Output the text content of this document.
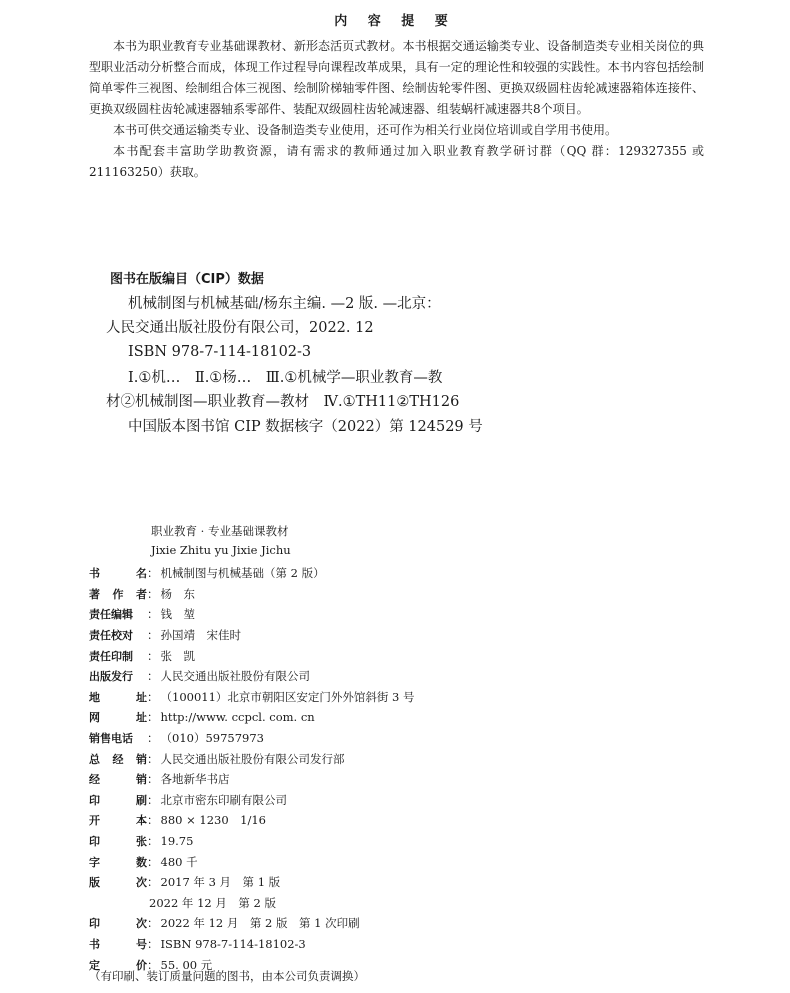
内 容 提 要

本书为职业教育专业基础课教材、新形态活页式教材。本书根据交通运输类专业、设备制造类专业相关岗位的典型职业活动分析整合而成，体现工作过程导向课程改革成果，具有一定的理论性和较强的实践性。本书内容包括绘制简单零件三视图、绘制组合体三视图、绘制阶梯轴零件图、绘制齿轮零件图、更换双级圆柱齿轮减速器箱体连接件、更换双级圆柱齿轮减速器轴系零部件、装配双级圆柱齿轮减速器、组装蜗杆减速器共8个项目。

本书可供交通运输类专业、设备制造类专业使用，还可作为相关行业岗位培训或自学用书使用。

本书配套丰富助学助教资源，请有需求的教师通过加入职业教育教学研讨群（QQ 群：129327355 或 211163250）获取。

图书在版编目（CIP）数据
机械制图与机械基础/杨东主编. —2 版. —北京：
人民交通出版社股份有限公司，2022. 12
ISBN 978-7-114-18102-3
Ⅰ.①机…　Ⅱ.①杨…　Ⅲ.①机械学—职业教育—教
材②机械制图—职业教育—教材　Ⅳ.①TH11②TH126
中国版本图书馆 CIP 数据核字（2022）第 124529 号
职业教育 · 专业基础课教材
Jixie Zhitu yu Jixie Jichu
书	名 ： 机械制图与机械基础（第 2 版）
著 作 者 ： 杨　东
责任编辑 ： 钱　堃
责任校对 ： 孙国靖　宋佳时
责任印制 ： 张　凯
出版发行 ： 人民交通出版社股份有限公司
地	址 ： （100011）北京市朝阳区安定门外外馆斜街 3 号
网	址 ： http://www. ccpcl. com. cn
销售电话 ： （010）59757973
总 经 销 ： 人民交通出版社股份有限公司发行部
经	销 ： 各地新华书店
印	刷 ： 北京市密东印刷有限公司
开	本 ： 880 × 1230　1/16
印	张 ： 19.75
字	数 ： 480 千
版	次 ： 2017 年 3 月　第 1 版
2022 年 12 月　第 2 版
印	次 ： 2022 年 12 月　第 2 版　第 1 次印刷
书	号 ： ISBN 978-7-114-18102-3
定	价 ： 55. 00 元
（有印刷、装订质量问题的图书，由本公司负责调换）
